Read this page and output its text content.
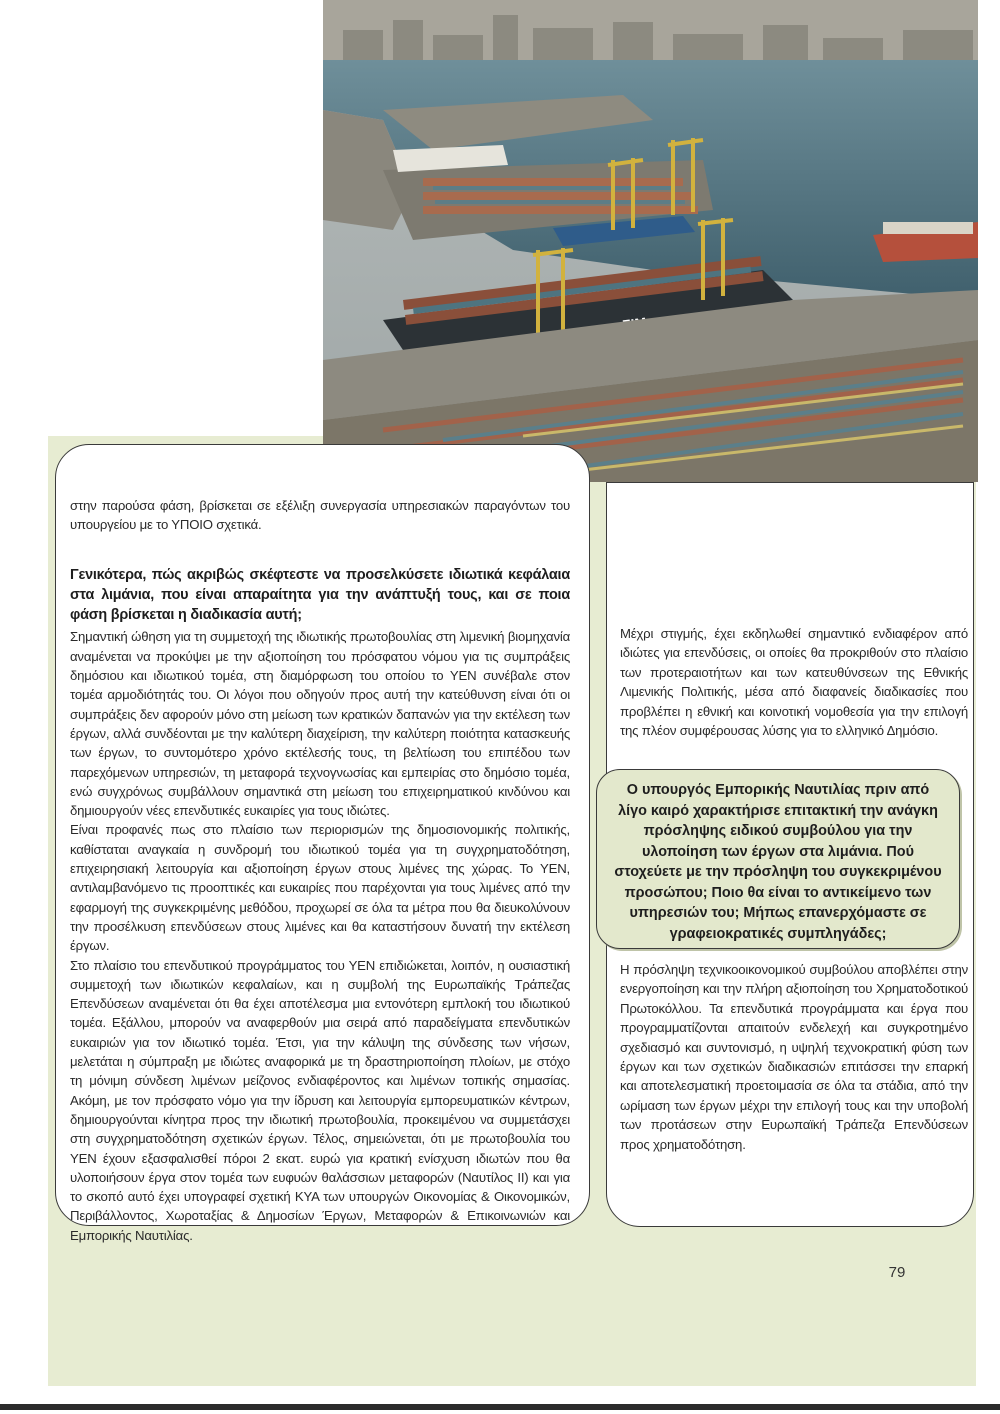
στην παρούσα φάση, βρίσκεται σε εξέλιξη συνεργασία υπηρεσιακών παραγόντων του υπουργείου με το ΥΠΟΙΟ σχετικά.

Γενικότερα, πώς ακριβώς σκέφτεστε να προσελκύσετε ιδιωτικά κεφάλαια στα λιμάνια, που είναι απαραίτητα για την ανάπτυξή τους, και σε ποια φάση βρίσκεται η διαδικασία αυτή;

Σημαντική ώθηση για τη συμμετοχή της ιδιωτικής πρωτοβουλίας στη λιμενική βιομηχανία αναμένεται να προκύψει με την αξιοποίηση του πρόσφατου νόμου για τις συμπράξεις δημόσιου και ιδιωτικού τομέα, στη διαμόρφωση του οποίου το ΥΕΝ συνέβαλε στον τομέα αρμοδιότητάς του. Οι λόγοι που οδηγούν προς αυτή την κατεύθυνση είναι ότι οι συμπράξεις δεν αφορούν μόνο στη μείωση των κρατικών δαπανών για την εκτέλεση των έργων, αλλά συνδέονται με την καλύτερη διαχείριση, την καλύτερη ποιότητα κατασκευής των έργων, το συντομότερο χρόνο εκτέλεσής τους, τη βελτίωση του επιπέδου των παρεχόμενων υπηρεσιών, τη μεταφορά τεχνογνωσίας και εμπειρίας στο δημόσιο τομέα, ενώ συγχρόνως συμβάλλουν σημαντικά στη μείωση του επιχειρηματικού κινδύνου και δημιουργούν νέες επενδυτικές ευκαιρίες για τους ιδιώτες.

Είναι προφανές πως στο πλαίσιο των περιορισμών της δημοσιονομικής πολιτικής, καθίσταται αναγκαία η συνδρομή του ιδιωτικού τομέα για τη συγχρηματοδότηση, επιχειρησιακή λειτουργία και αξιοποίηση έργων στους λιμένες της χώρας. Το ΥΕΝ, αντιλαμβανόμενο τις προοπτικές και ευκαιρίες που παρέχονται για τους λιμένες από την εφαρμογή της συγκεκριμένης μεθόδου, προχωρεί σε όλα τα μέτρα που θα διευκολύνουν την προσέλκυση επενδύσεων στους λιμένες και θα καταστήσουν δυνατή την εκτέλεση έργων.

Στο πλαίσιο του επενδυτικού προγράμματος του ΥΕΝ επιδιώκεται, λοιπόν, η ουσιαστική συμμετοχή των ιδιωτικών κεφαλαίων, και η συμβολή της Ευρωπαϊκής Τράπεζας Επενδύσεων αναμένεται ότι θα έχει αποτέλεσμα μια εντονότερη εμπλοκή του ιδιωτικού τομέα. Εξάλλου, μπορούν να αναφερθούν μια σειρά από παραδείγματα επενδυτικών ευκαιριών για τον ιδιωτικό τομέα. Έτσι, για την κάλυψη της σύνδεσης των νήσων, μελετάται η σύμπραξη με ιδιώτες αναφορικά με τη δραστηριοποίηση πλοίων, με στόχο τη μόνιμη σύνδεση λιμένων μείζονος ενδιαφέροντος και λιμένων τοπικής σημασίας. Ακόμη, με τον πρόσφατο νόμο για την ίδρυση και λειτουργία εμπορευματικών κέντρων, δημιουργούνται κίνητρα προς την ιδιωτική πρωτοβουλία, προκειμένου να συμμετάσχει στη συγχρηματοδότηση σχετικών έργων. Τέλος, σημειώνεται, ότι με πρωτοβουλία του ΥΕΝ έχουν εξασφαλισθεί πόροι 2 εκατ. ευρώ για κρατική ενίσχυση ιδιωτών που θα υλοποιήσουν έργα στον τομέα των ευφυών θαλάσσιων μεταφορών (Ναυτίλος ΙΙ) και για το σκοπό αυτό έχει υπογραφεί σχετική ΚΥΑ των υπουργών Οικονομίας & Οικονομικών, Περιβάλλοντος, Χωροταξίας & Δημοσίων Έργων, Μεταφορών & Επικοινωνιών και Εμπορικής Ναυτιλίας.

Μέχρι στιγμής, έχει εκδηλωθεί σημαντικό ενδιαφέρον από ιδιώτες για επενδύσεις, οι οποίες θα προκριθούν στο πλαίσιο των προτεραιοτήτων και των κατευθύνσεων της Εθνικής Λιμενικής Πολιτικής, μέσα από διαφανείς διαδικασίες που προβλέπει η εθνική και κοινοτική νομοθεσία για την επιλογή της πλέον συμφέρουσας λύσης για το ελληνικό Δημόσιο.

Ο υπουργός Εμπορικής Ναυτιλίας πριν από λίγο καιρό χαρακτήρισε επιτακτική την ανάγκη πρόσληψης ειδικού συμβούλου για την υλοποίηση των έργων στα λιμάνια. Πού στοχεύετε με την πρόσληψη του συγκεκριμένου προσώπου; Ποιο θα είναι το αντικείμενο των υπηρεσιών του; Μήπως επανερχόμαστε σε γραφειοκρατικές συμπληγάδες;

Η πρόσληψη τεχνικοοικονομικού συμβούλου αποβλέπει στην ενεργοποίηση και την πλήρη αξιοποίηση του Χρηματοδοτικού Πρωτοκόλλου. Τα επενδυτικά προγράμματα και έργα που προγραμματίζονται απαιτούν ενδελεχή και συγκροτημένο σχεδιασμό και συντονισμό, η υψηλή τεχνοκρατική φύση των έργων και των σχετικών διαδικασιών επιτάσσει την επαρκή και αποτελεσματική προετοιμασία σε όλα τα στάδια, από την ωρίμαση των έργων μέχρι την επιλογή τους και την υποβολή των προτάσεων στην Ευρωπαϊκή Τράπεζα Επενδύσεων προς χρηματοδότηση.

79
